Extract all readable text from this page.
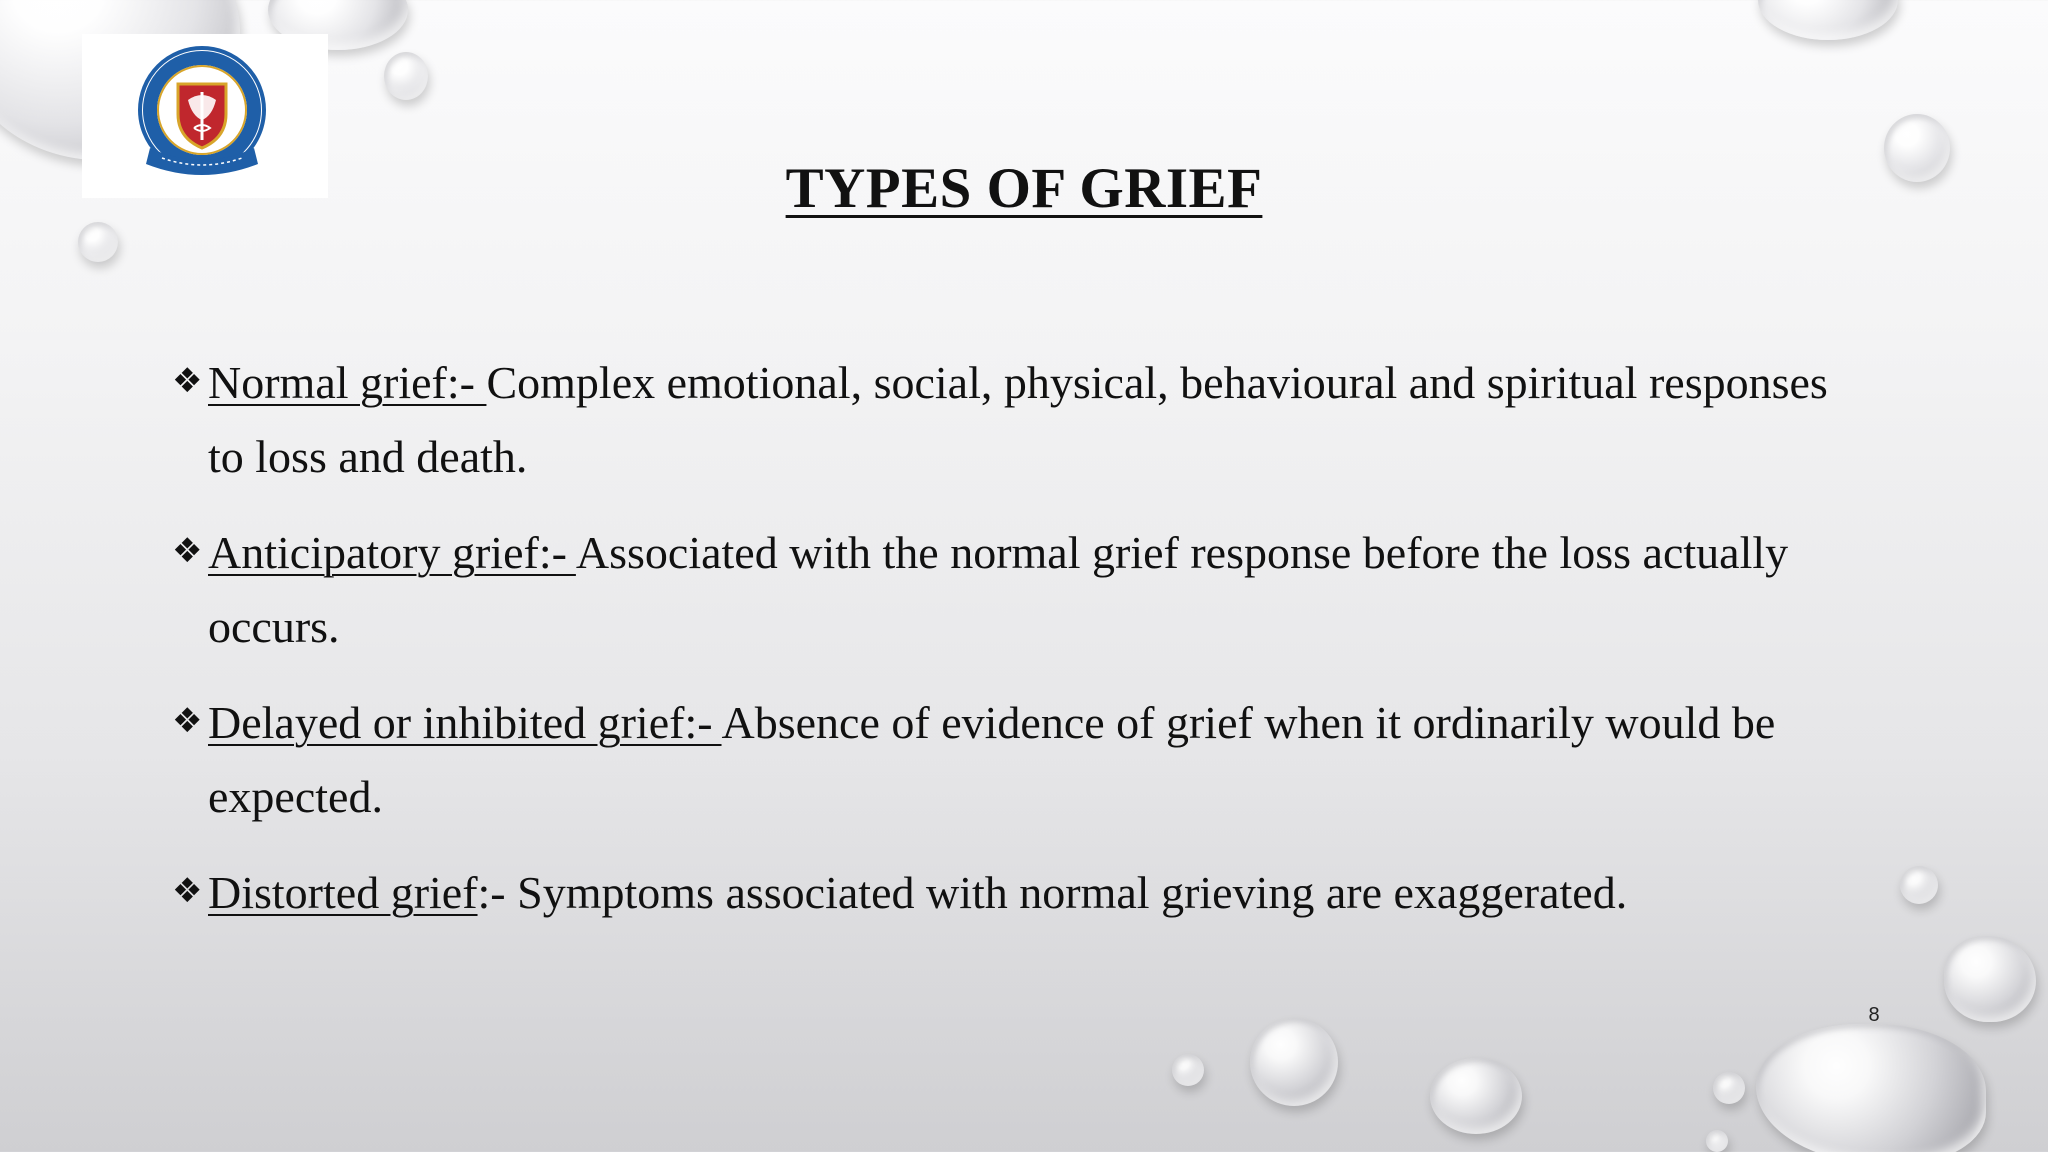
TYPES OF GRIEF
❖ Normal grief:- Complex emotional, social, physical, behavioural and spiritual responses to loss and death.
❖ Anticipatory grief:- Associated with the normal grief response before the loss actually occurs.
❖ Delayed or inhibited grief:- Absence of evidence of grief when it ordinarily would be expected.
❖ Distorted grief:- Symptoms associated with normal grieving are exaggerated.
8
